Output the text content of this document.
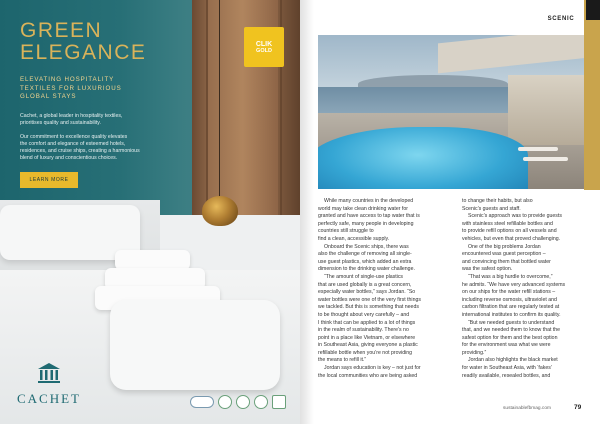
GREEN
ELEGANCE
ELEVATING HOSPITALITY
TEXTILES FOR LUXURIOUS
GLOBAL STAYS
Cachet, a global leader in hospitality textiles,
prioritises quality and sustainability.
Our commitment to excellence quality elevates
the comfort and elegance of esteemed hotels,
residences, and cruise ships, creating a harmonious
blend of luxury and conscientious choices.
LEARN MORE
CLIK
GOLD
CACHET
SCENIC

While many countries in the developed

world may take clean drinking water for

granted and have access to tap water that is

perfectly safe, many people in developing

countries still struggle to

find a clean, accessible supply.

Onboard the Scenic ships, there was

also the challenge of removing all single-

use guest plastics, which added an extra

dimension to the drinking water challenge.

“The amount of single-use plastics

that are used globally is a great concern,

especially water bottles,” says Jordan. “So

water bottles were one of the very first things

we tackled. But this is something that needs

to be thought about very carefully – and

I think that can be applied to a lot of things

in the realm of sustainability. There’s no

point in a place like Vietnam, or elsewhere

in Southeast Asia, giving everyone a plastic

refillable bottle when you’re not providing

the means to refill it.”

Jordan says education is key – not just for

the local communities who are being asked

to change their habits, but also

Scenic’s guests and staff.

Scenic’s approach was to provide guests

with stainless steel refillable bottles and

to provide refill options on all vessels and

vehicles, but even that proved challenging.

One of the big problems Jordan

encountered was guest perception –

and convincing them that bottled water

was the safest option.

“That was a big hurdle to overcome,”

he admits. “We have very advanced systems

on our ships for the water refill stations –

including reverse osmosis, ultraviolet and

carbon filtration that are regularly tested at

international institutes to confirm its quality.

“But we needed guests to understand

that, and we needed them to know that the

safest option for them and the best option

for the environment was what we were

providing.”

Jordan also highlights the black market

for water in Southeast Asia, with ‘fakes’

readily available, resealed bottles, and

sustainablefbmag.com	79
